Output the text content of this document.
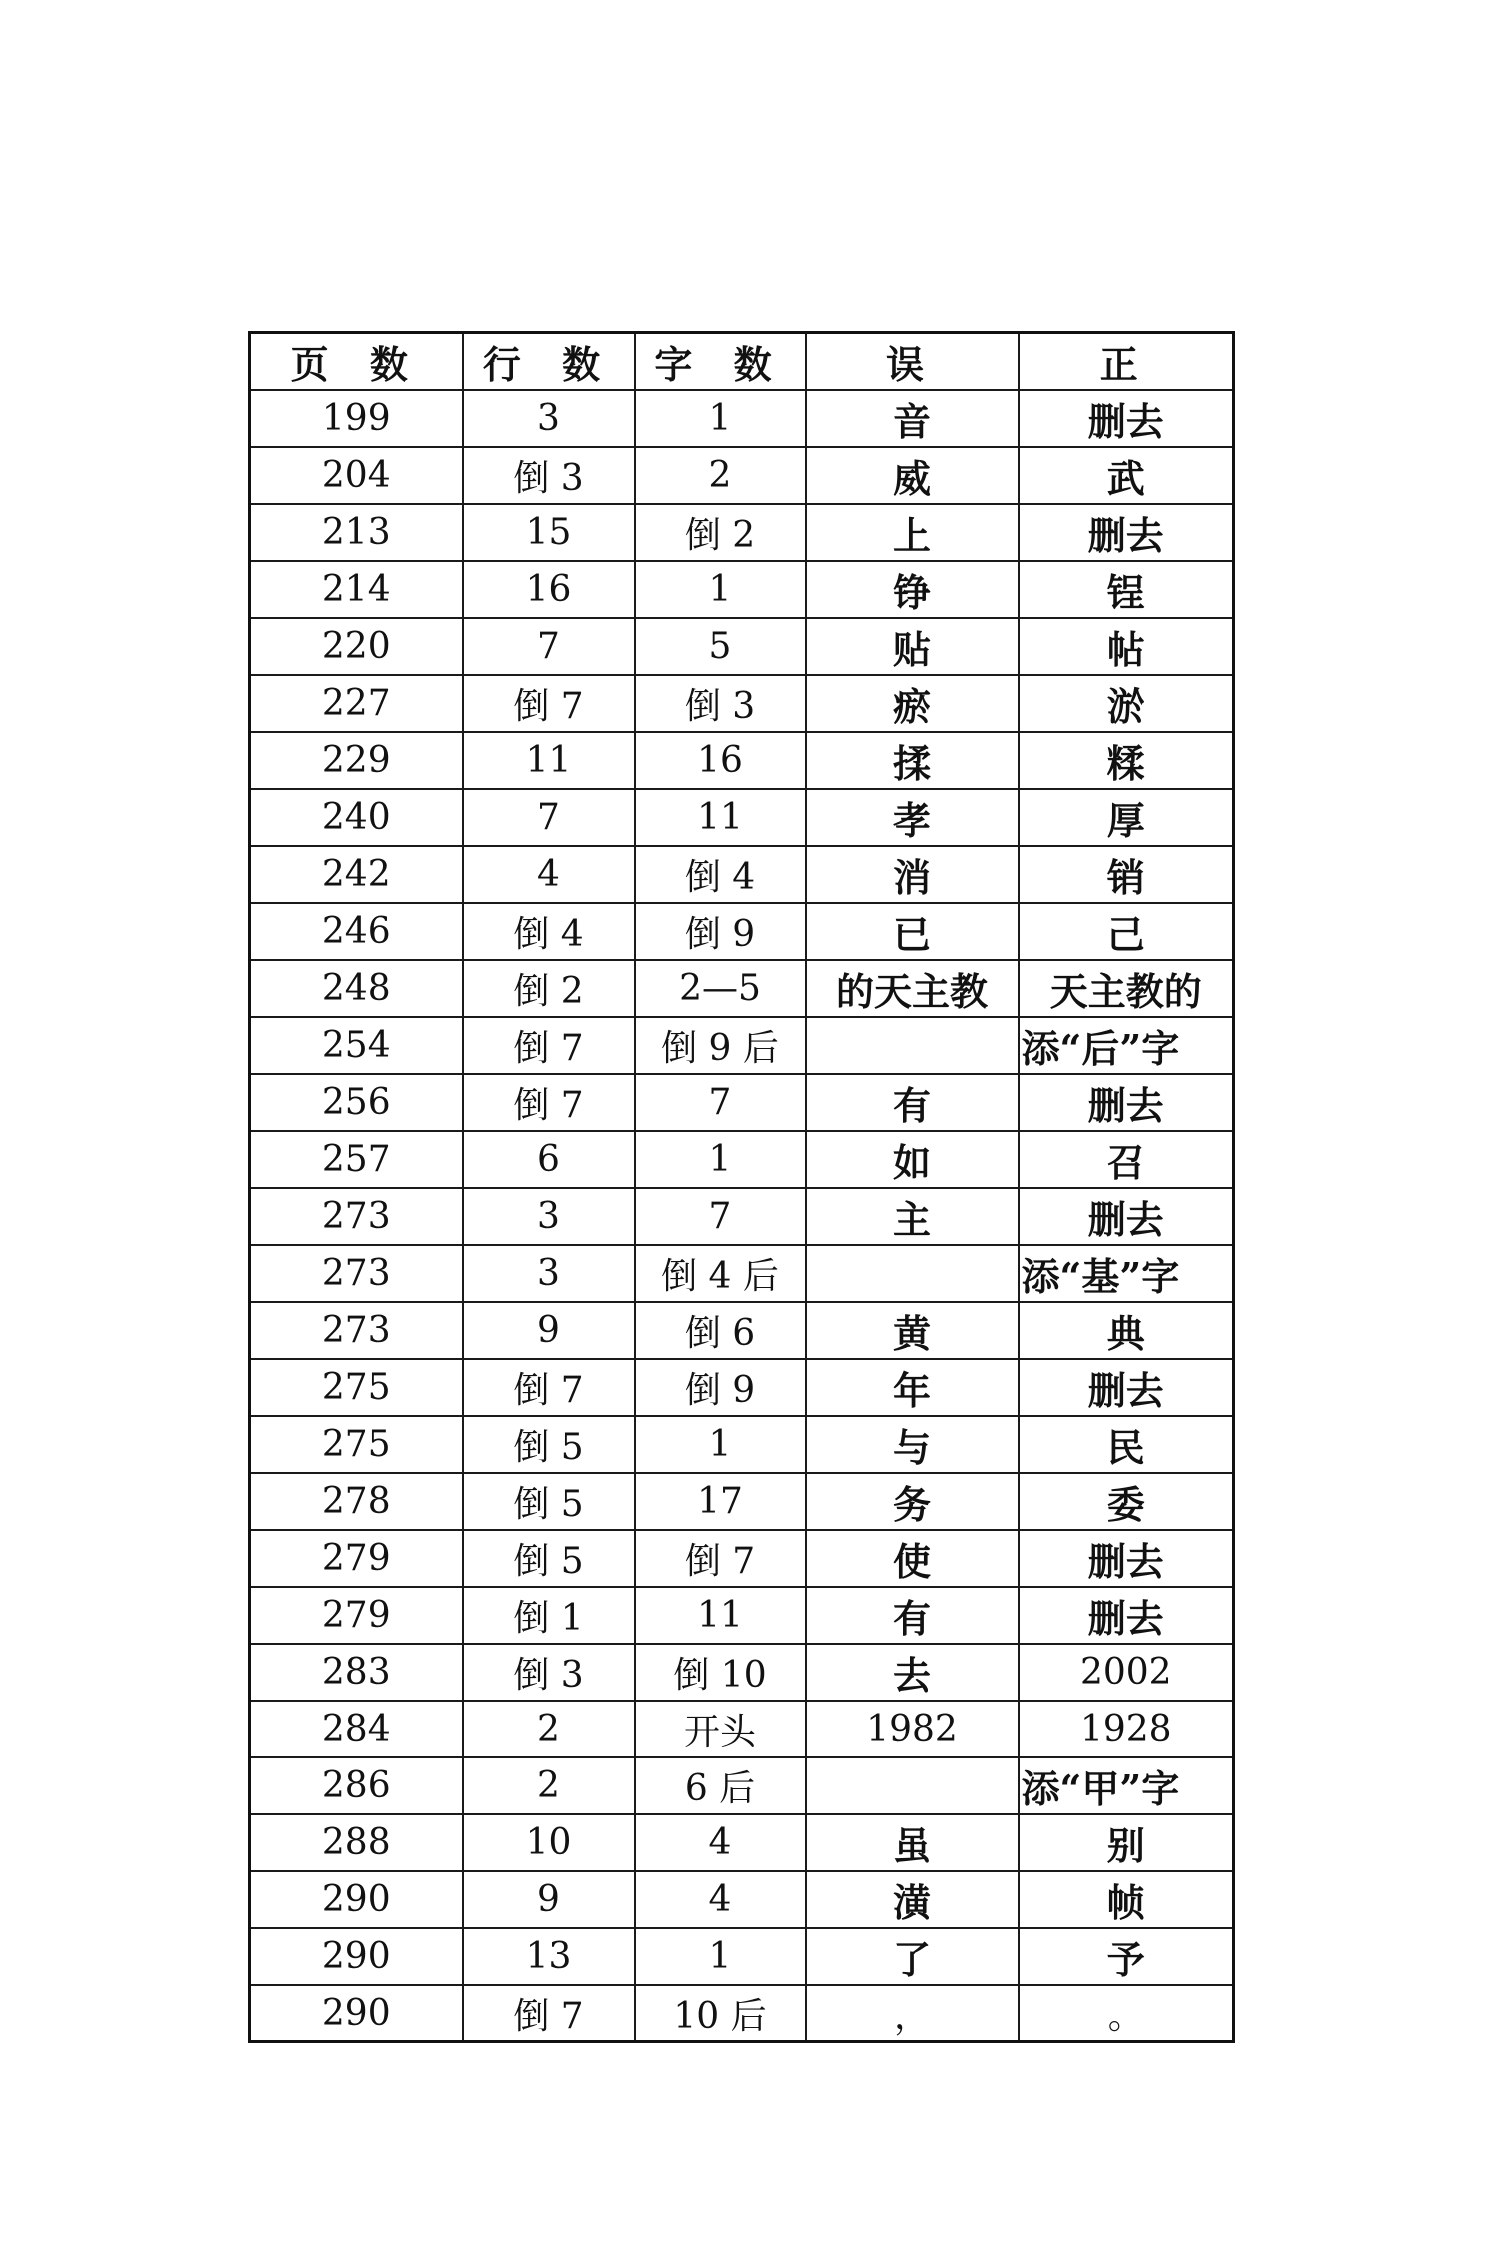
页 数	行 数	字 数	误	正
199	3	1	音	删去
204	倒 3	2	威	武
213	15	倒 2	上	删去
214	16	1	铮	锃
220	7	5	贴	帖
227	倒 7	倒 3	瘀	淤
229	11	16	揉	糅
240	7	11	孝	厚
242	4	倒 4	消	销
246	倒 4	倒 9	已	己
248	倒 2	2—5	的天主教	天主教的
254	倒 7	倒 9 后		添“后”字
256	倒 7	7	有	删去
257	6	1	如	召
273	3	7	主	删去
273	3	倒 4 后		添“基”字
273	9	倒 6	黄	典
275	倒 7	倒 9	年	删去
275	倒 5	1	与	民
278	倒 5	17	务	委
279	倒 5	倒 7	使	删去
279	倒 1	11	有	删去
283	倒 3	倒 10	去	2002
284	2	开头	1982	1928
286	2	6 后		添“甲”字
288	10	4	虽	别
290	9	4	潢	帧
290	13	1	了	予
290	倒 7	10 后	，	。
